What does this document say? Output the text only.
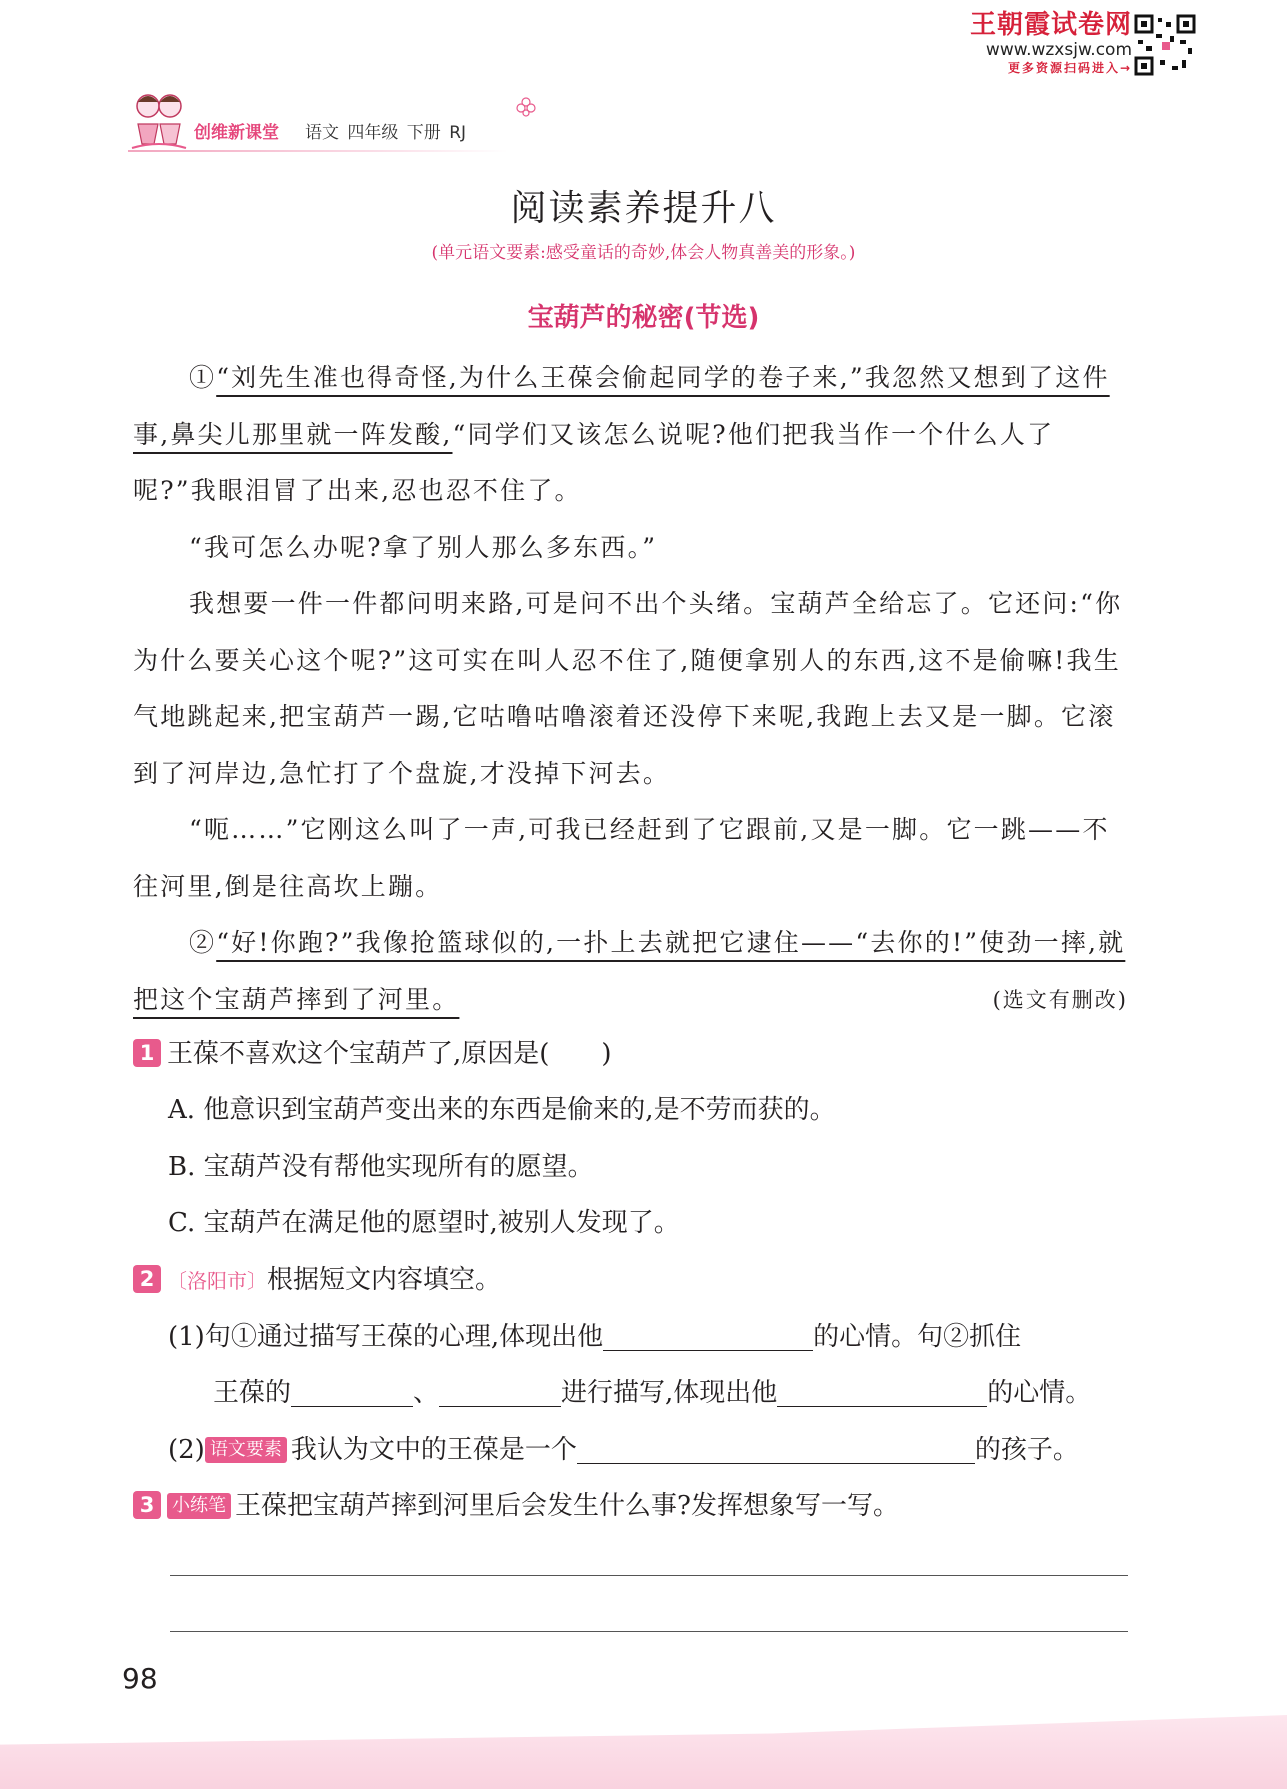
王朝霞试卷网
www.wzxsjw.com
更多资源扫码进入→
创维新课堂 语文 四年级 下册 RJ
阅读素养提升八
(单元语文要素:感受童话的奇妙,体会人物真善美的形象。)
宝葫芦的秘密(节选)

①“刘先生准也得奇怪,为什么王葆会偷起同学的卷子来,”我忽然又想到了这件事,鼻尖儿那里就一阵发酸,“同学们又该怎么说呢?他们把我当作一个什么人了呢?”我眼泪冒了出来,忍也忍不住了。

“我可怎么办呢?拿了别人那么多东西。”

我想要一件一件都问明来路,可是问不出个头绪。宝葫芦全给忘了。它还问:“你为什么要关心这个呢?”这可实在叫人忍不住了,随便拿别人的东西,这不是偷嘛!我生气地跳起来,把宝葫芦一踢,它咕噜咕噜滚着还没停下来呢,我跑上去又是一脚。它滚到了河岸边,急忙打了个盘旋,才没掉下河去。

“呃……”它刚这么叫了一声,可我已经赶到了它跟前,又是一脚。它一跳——不往河里,倒是往高坎上蹦。

②“好!你跑?”我像抢篮球似的,一扑上去就把它逮住——“去你的!”使劲一摔,就把这个宝葫芦摔到了河里。	(选文有删改)

1 王葆不喜欢这个宝葫芦了,原因是(　　)
A. 他意识到宝葫芦变出来的东西是偷来的,是不劳而获的。
B. 宝葫芦没有帮他实现所有的愿望。
C. 宝葫芦在满足他的愿望时,被别人发现了。
2 〔洛阳市〕根据短文内容填空。
(1)句①通过描写王葆的心理,体现出他	的心情。句②抓住
王葆的	、	进行描写,体现出他	的心情。
(2) 语文要素 我认为文中的王葆是一个	的孩子。
3 小练笔 王葆把宝葫芦摔到河里后会发生什么事?发挥想象写一写。
98
